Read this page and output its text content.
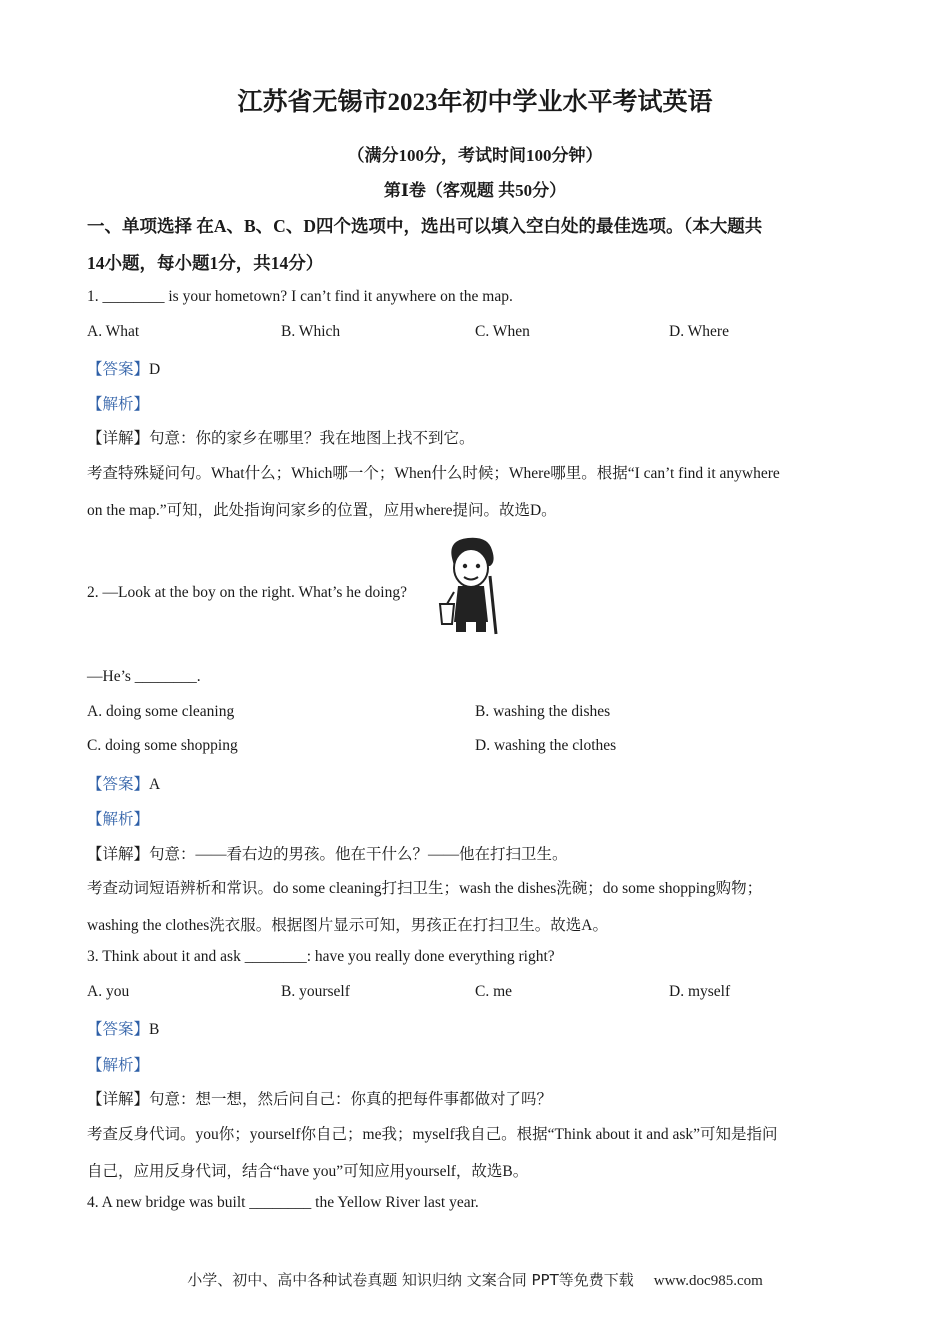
江苏省无锡市2023年初中学业水平考试英语
（满分100分，考试时间100分钟）
第Ⅰ卷（客观题 共50分）
一、单项选择 在A、B、C、D四个选项中，选出可以填入空白处的最佳选项。（本大题共
14小题，每小题1分，共14分）
1. ________ is your hometown? I can’t find it anywhere on the map.
A. What	B. Which	C. When	D. Where
【答案】D
【解析】
【详解】句意：你的家乡在哪里？我在地图上找不到它。
考查特殊疑问句。What什么；Which哪一个；When什么时候；Where哪里。根据“I can’t find it anywhere
on the map.”可知，此处指询问家乡的位置，应用where提问。故选D。
2. —Look at the boy on the right. What’s he doing?
—He’s ________.
A. doing some cleaning	B. washing the dishes
C. doing some shopping	D. washing the clothes
【答案】A
【解析】
【详解】句意：——看右边的男孩。他在干什么？——他在打扫卫生。
考查动词短语辨析和常识。do some cleaning打扫卫生；wash the dishes洗碗；do some shopping购物；
washing the clothes洗衣服。根据图片显示可知，男孩正在打扫卫生。故选A。
3. Think about it and ask ________: have you really done everything right?
A. you	B. yourself	C. me	D. myself
【答案】B
【解析】
【详解】句意：想一想，然后问自己：你真的把每件事都做对了吗？
考查反身代词。you你；yourself你自己；me我；myself我自己。根据“Think about it and ask”可知是指问
自己，应用反身代词，结合“have you”可知应用yourself，故选B。
4. A new bridge was built ________ the Yellow River last year.
小学、初中、高中各种试卷真题 知识归纳 文案合同 PPT等免费下载 www.doc985.com
